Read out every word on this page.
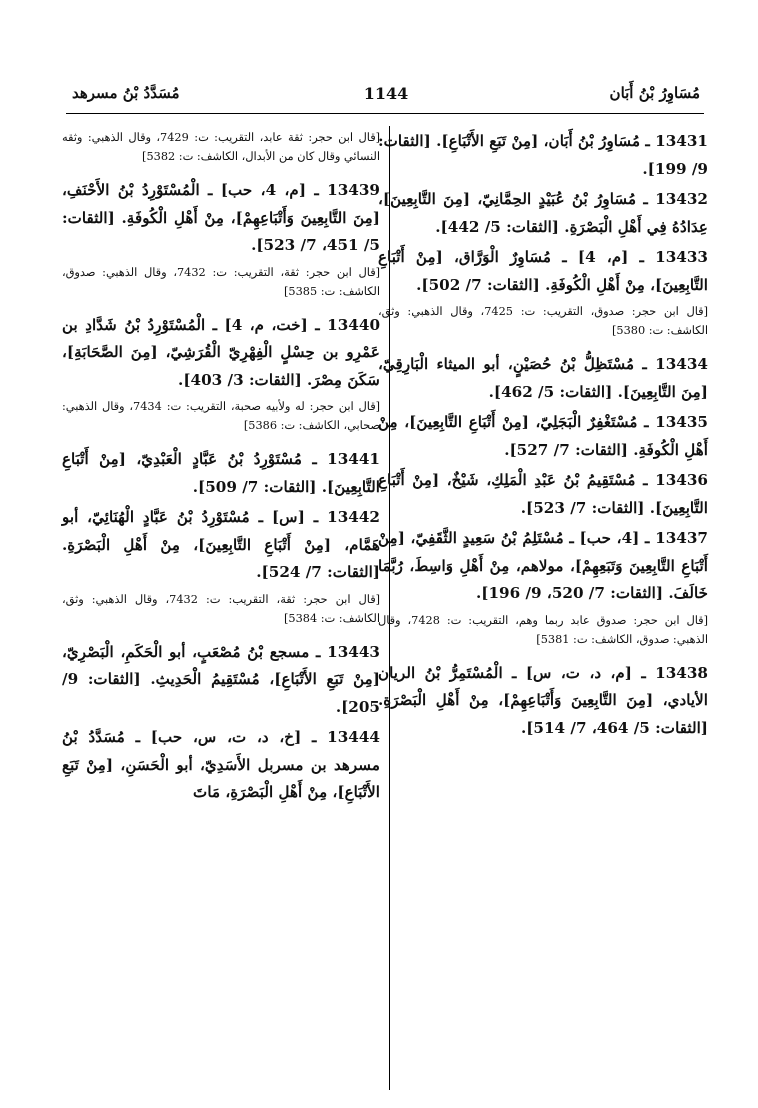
مُسَاوِرُ بْنُ أَبَان
1144
مُسَدَّدُ بْنُ مسرهد

13431 ـ مُسَاوِرُ بْنُ أَبَان، [مِنْ تَبَعِ الأَتْبَاعِ]. [الثقات: 9/ 199].

13432 ـ مُسَاوِرُ بْنُ عُبَيْدٍ الحِمَّانِيّ، [مِنَ التَّابِعِينَ]، عِدَادُهُ فِي أَهْلِ الْبَصْرَةِ. [الثقات: 5/ 442].

13433 ـ [م، 4] ـ مُسَاوِرٌ الْوَرَّاق، [مِنْ أَتْبَاعِ التَّابِعِينَ]، مِنْ أَهْلِ الْكُوفَةِ. [الثقات: 7/ 502].

[قال ابن حجر: صدوق، التقريب: ت: 7425، وقال الذهبي: وثق، الكاشف: ت: 5380]

13434 ـ مُسْتَظِلُّ بْنُ حُصَيْنٍ، أبو الميثاء الْبَارِقِيّ، [مِنَ التَّابِعِينَ]. [الثقات: 5/ 462].

13435 ـ مُسْتَغْفِرٌ الْبَجَلِيّ، [مِنْ أَتْبَاعِ التَّابِعِينَ]، مِنْ أَهْلِ الْكُوفَةِ. [الثقات: 7/ 527].

13436 ـ مُسْتَقِيمُ بْنُ عَبْدِ الْمَلِكِ، شَيْخٌ، [مِنْ أَتْبَاعِ التَّابِعِينَ]. [الثقات: 7/ 523].

13437 ـ [4، حب] ـ مُسْتَلِمُ بْنُ سَعِيدٍ الثَّقَفِيّ، [مِنْ أَتْبَاعِ التَّابِعِينَ وَتَبَعِهِمْ]، مولاهم، مِنْ أَهْلِ وَاسِطَ، رُبَّمَا خَالَفَ. [الثقات: 7/ 520، 9/ 196].

[قال ابن حجر: صدوق عابد ربما وهم، التقريب: ت: 7428، وقال الذهبي: صدوق، الكاشف: ت: 5381]

13438 ـ [م، د، ت، س] ـ الْمُسْتَمِرُّ بْنُ الريان الأيادي، [مِنَ التَّابِعِينَ وَأَتْبَاعِهِمْ]، مِنْ أَهْلِ الْبَصْرَةِ. [الثقات: 5/ 464، 7/ 514].

[قال ابن حجر: ثقة عابد، التقريب: ت: 7429، وقال الذهبي: وثقه النسائي وقال كان من الأبدال، الكاشف: ت: 5382]

13439 ـ [م، 4، حب] ـ الْمُسْتَوْرِدُ بْنُ الأَحْنَفِ، [مِنَ التَّابِعِينَ وَأَتْبَاعِهِمْ]، مِنْ أَهْلِ الْكُوفَةِ. [الثقات: 5/ 451، 7/ 523].

[قال ابن حجر: ثقة، التقريب: ت: 7432، وقال الذهبي: صدوق، الكاشف: ت: 5385]

13440 ـ [خت، م، 4] ـ الْمُسْتَوْرِدُ بْنُ شَدَّادِ بن عَمْرِو بن حِسْلٍ الْفِهْرِيّ الْقُرَشِيّ، [مِنَ الصَّحَابَةِ]، سَكَنَ مِصْرَ. [الثقات: 3/ 403].

[قال ابن حجر: له ولأبيه صحبة، التقريب: ت: 7434، وقال الذهبي: صحابي، الكاشف: ت: 5386]

13441 ـ مُسْتَوْرِدُ بْنُ عَبَّادٍ الْعَبْدِيّ، [مِنْ أَتْبَاعِ التَّابِعِينَ]. [الثقات: 7/ 509].

13442 ـ [س] ـ مُسْتَوْرِدُ بْنُ عَبَّادٍ الْهُنَائِيّ، أبو هَمَّام، [مِنْ أَتْبَاعِ التَّابِعِينَ]، مِنْ أَهْلِ الْبَصْرَةِ. [الثقات: 7/ 524].

[قال ابن حجر: ثقة، التقريب: ت: 7432، وقال الذهبي: وثق، الكاشف: ت: 5384]

13443 ـ مسجع بْنُ مُصْعَبٍ، أبو الْحَكَمِ، الْبَصْرِيّ، [مِنْ تَبَعِ الأَتْبَاعِ]، مُسْتَقِيمُ الْحَدِيثِ. [الثقات: 9/ 205].

13444 ـ [خ، د، ت، س، حب] ـ مُسَدَّدُ بْنُ مسرهد بن مسربل الأَسَدِيّ، أبو الْحَسَنِ، [مِنْ تَبَعِ الأَتْبَاعِ]، مِنْ أَهْلِ الْبَصْرَةِ، مَاتَ
